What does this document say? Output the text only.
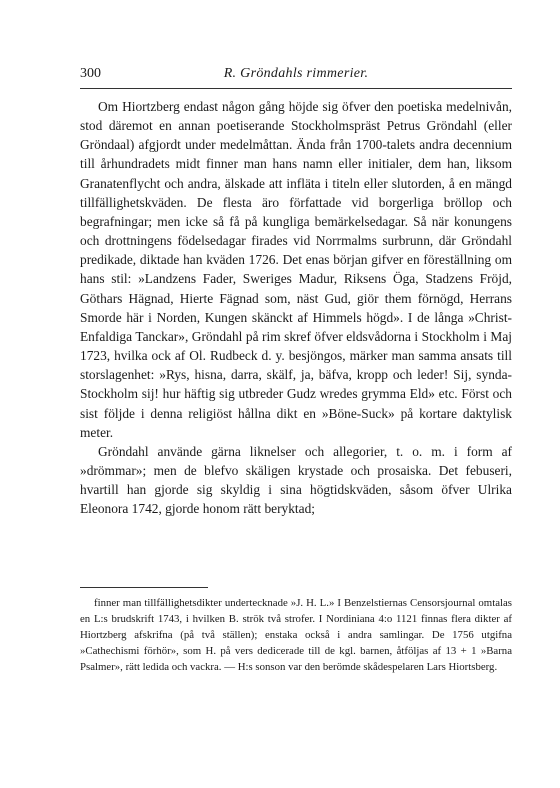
300	R. Gröndahls rimmerier.

Om Hiortzberg endast någon gång höjde sig öfver den poetiska medelnivån, stod däremot en annan poetiserande Stockholmspräst Petrus Gröndahl (eller Gröndaal) afgjordt under medelmåttan. Ända från 1700-talets andra decennium till århundradets midt finner man hans namn eller initialer, dem han, liksom Granatenflycht och andra, älskade att infläta i titeln eller slutorden, å en mängd tillfällighetskväden. De flesta äro författade vid borgerliga bröllop och begrafningar; men icke så få på kungliga bemärkelsedagar. Så när konungens och drottningens födelsedagar firades vid Norrmalms surbrunn, där Gröndahl predikade, diktade han kväden 1726. Det enas början gifver en föreställning om hans stil: »Landzens Fader, Sweriges Madur, Riksens Öga, Stadzens Fröjd, Göthars Hägnad, Hierte Fägnad som, näst Gud, giör them förnögd, Herrans Smorde här i Norden, Kungen skänckt af Himmels högd». I de långa »Christ-Enfaldiga Tanckar», Gröndahl på rim skref öfver eldsvådorna i Stockholm i Maj 1723, hvilka ock af Ol. Rudbeck d. y. besjöngos, märker man samma ansats till storslagenhet: »Rys, hisna, darra, skälf, ja, bäfva, kropp och leder! Sij, synda-Stockholm sij! hur häftig sig utbreder Gudz wredes grymma Eld» etc. Först och sist följde i denna religiöst hållna dikt en »Böne-Suck» på kortare daktylisk meter.

Gröndahl använde gärna liknelser och allegorier, t. o. m. i form af »drömmar»; men de blefvo skäligen krystade och prosaiska. Det febuseri, hvartill han gjorde sig skyldig i sina högtidskväden, såsom öfver Ulrika Eleonora 1742, gjorde honom rätt beryktad;

finner man tillfällighetsdikter undertecknade »J. H. L.» I Benzelstiernas Censorsjournal omtalas en L:s brudskrift 1743, i hvilken B. strök två strofer. I Nordiniana 4:o 1121 finnas flera dikter af Hiortzberg afskrifna (på två ställen); enstaka också i andra samlingar. De 1756 utgifna »Cathechismi förhör», som H. på vers dedicerade till de kgl. barnen, åtföljas af 13 + 1 »Barna Psalmer», rätt ledida och vackra. — H:s sonson var den berömde skådespelaren Lars Hiortsberg.
